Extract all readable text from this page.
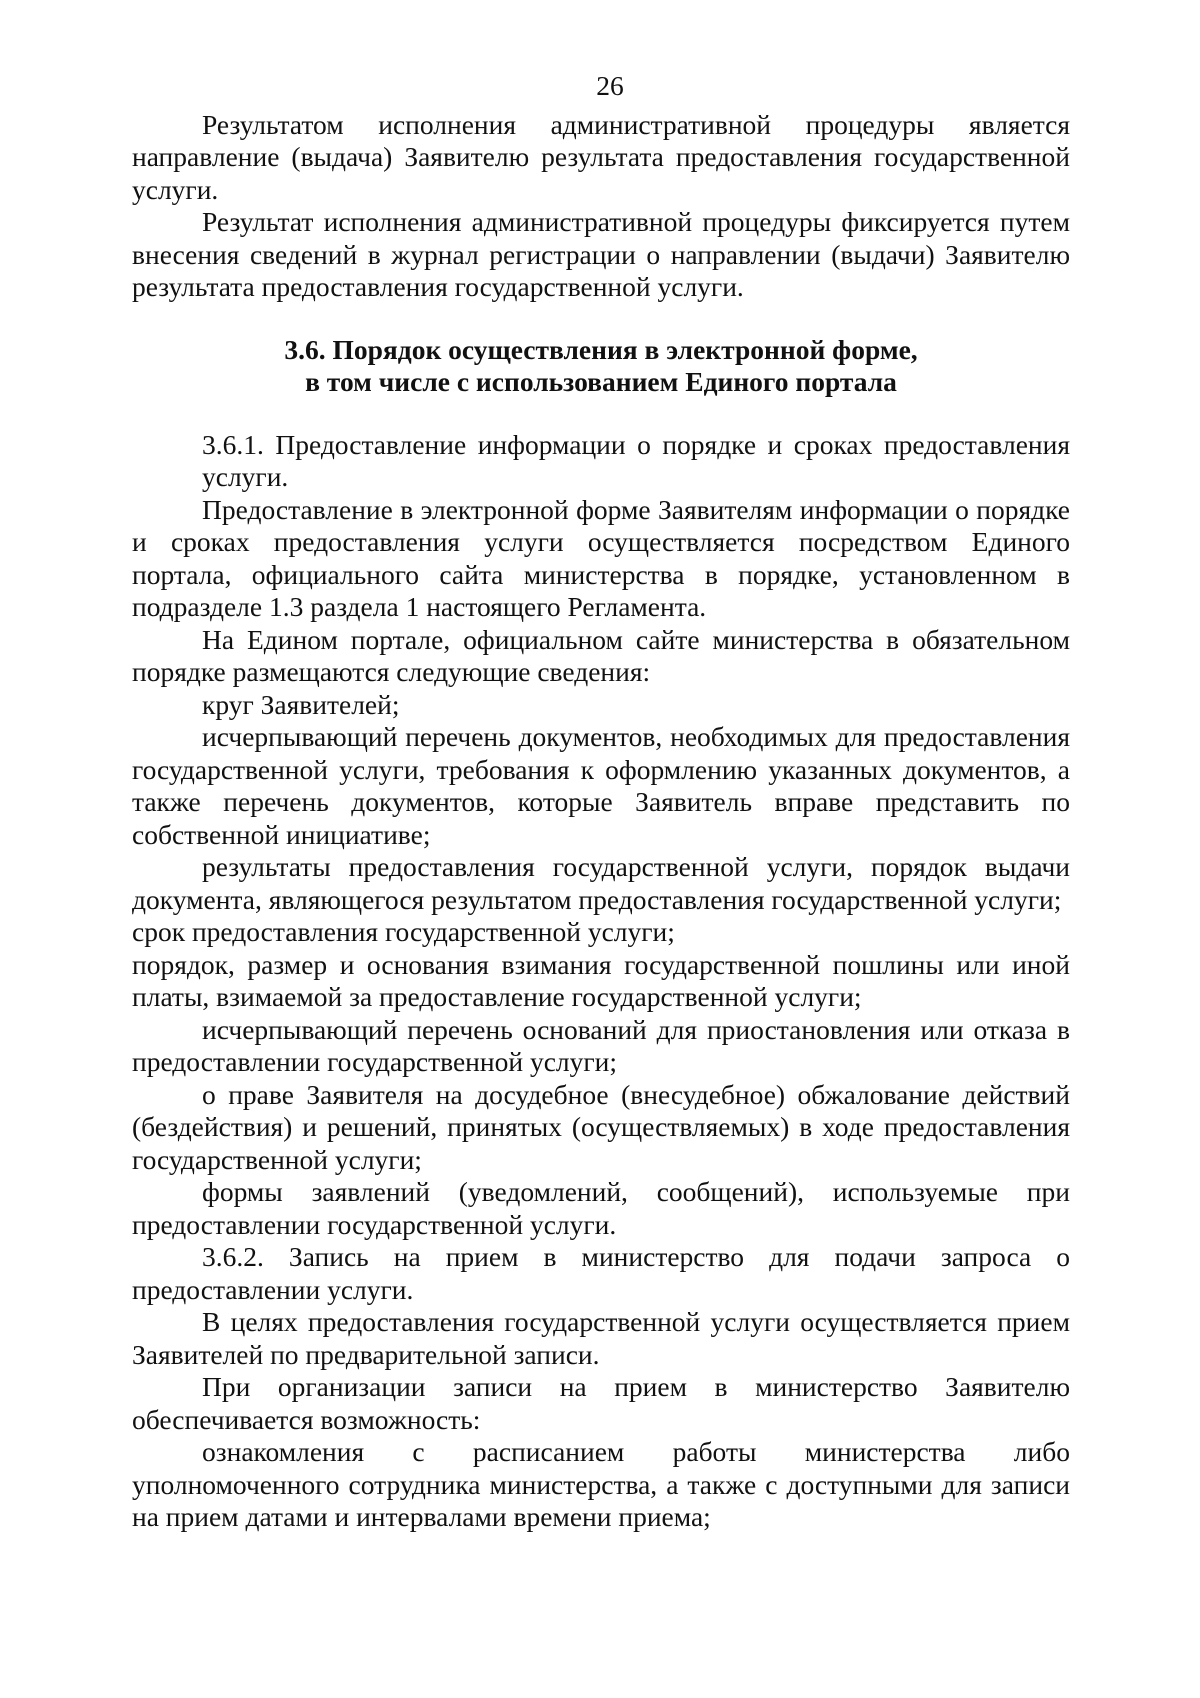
26

Результатом исполнения административной процедуры является направление (выдача) Заявителю результата предоставления государственной услуги.

Результат исполнения административной процедуры фиксируется путем внесения сведений в журнал регистрации о направлении (выдачи) Заявителю результата предоставления государственной услуги.

3.6. Порядок осуществления в электронной форме,
в том числе с использованием Единого портала

3.6.1. Предоставление информации о порядке и сроках предоставления услуги.

Предоставление в электронной форме Заявителям информации о порядке и сроках предоставления услуги осуществляется посредством Единого портала, официального сайта министерства в порядке, установленном в подразделе 1.3 раздела 1 настоящего Регламента.

На Едином портале, официальном сайте министерства в обязательном порядке размещаются следующие сведения:

круг Заявителей;

исчерпывающий перечень документов, необходимых для предоставления государственной услуги, требования к оформлению указанных документов, а также перечень документов, которые Заявитель вправе представить по собственной инициативе;

результаты предоставления государственной услуги, порядок выдачи документа, являющегося результатом предоставления государственной услуги;

срок предоставления государственной услуги;

порядок, размер и основания взимания государственной пошлины или иной платы, взимаемой за предоставление государственной услуги;

исчерпывающий перечень оснований для приостановления или отказа в предоставлении государственной услуги;

о праве Заявителя на досудебное (внесудебное) обжалование действий (бездействия) и решений, принятых (осуществляемых) в ходе предоставления государственной услуги;

формы заявлений (уведомлений, сообщений), используемые при предоставлении государственной услуги.

3.6.2. Запись на прием в министерство для подачи запроса о предоставлении услуги.

В целях предоставления государственной услуги осуществляется прием Заявителей по предварительной записи.

При организации записи на прием в министерство Заявителю обеспечивается возможность:

ознакомления с расписанием работы министерства либо уполномоченного сотрудника министерства, а также с доступными для записи на прием датами и интервалами времени приема;
